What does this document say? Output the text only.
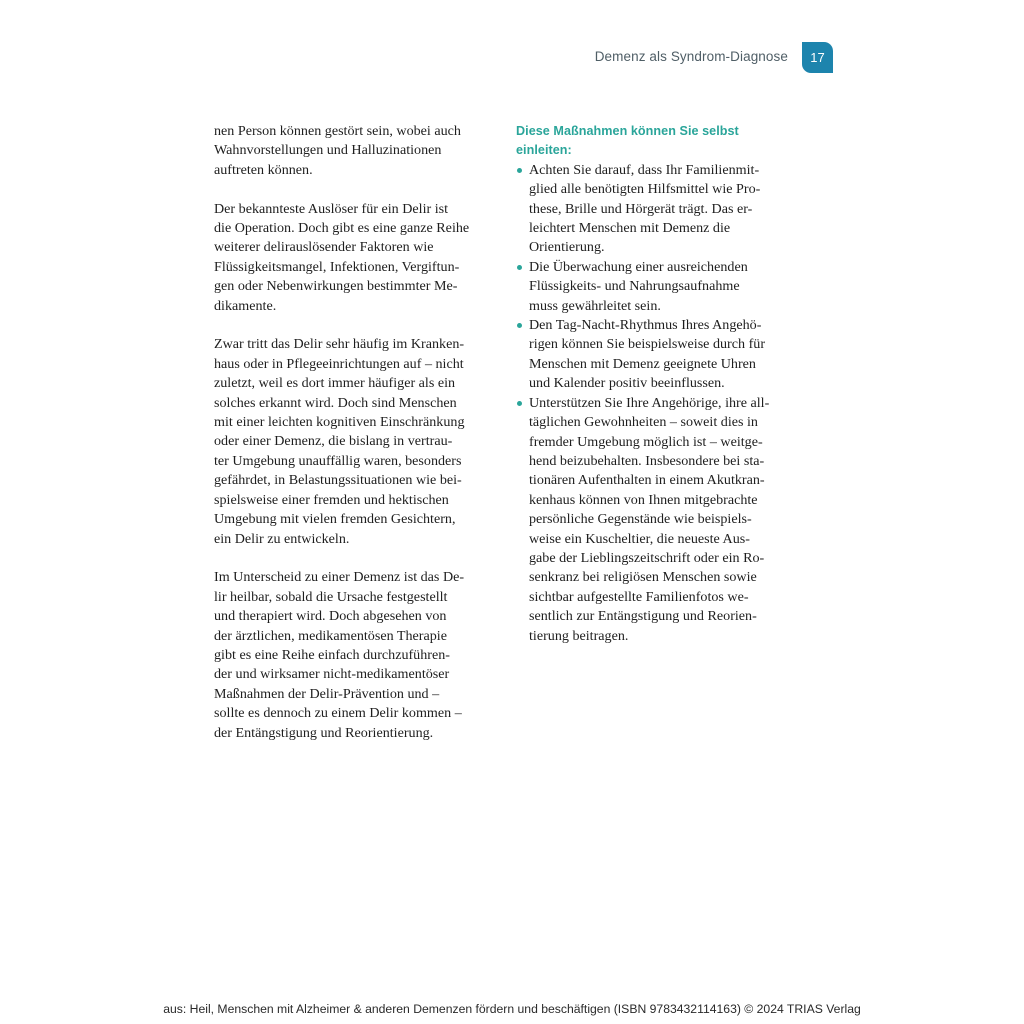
Demenz als Syndrom-Diagnose	17

nen Person können gestört sein, wobei auch
Wahnvorstellungen und Halluzinationen
auftreten können.

Der bekannteste Auslöser für ein Delir ist
die Operation. Doch gibt es eine ganze Reihe
weiterer delirauslösender Faktoren wie
Flüssigkeitsmangel, Infektionen, Vergiftun-
gen oder Nebenwirkungen bestimmter Me-
dikamente.

Zwar tritt das Delir sehr häufig im Kranken-
haus oder in Pflegeeinrichtungen auf – nicht
zuletzt, weil es dort immer häufiger als ein
solches erkannt wird. Doch sind Menschen
mit einer leichten kognitiven Einschränkung
oder einer Demenz, die bislang in vertrau-
ter Umgebung unauffällig waren, besonders
gefährdet, in Belastungssituationen wie bei-
spielsweise einer fremden und hektischen
Umgebung mit vielen fremden Gesichtern,
ein Delir zu entwickeln.

Im Unterscheid zu einer Demenz ist das De-
lir heilbar, sobald die Ursache festgestellt
und therapiert wird. Doch abgesehen von
der ärztlichen, medikamentösen Therapie
gibt es eine Reihe einfach durchzuführen-
der und wirksamer nicht-medikamentöser
Maßnahmen der Delir-Prävention und –
sollte es dennoch zu einem Delir kommen –
der Entängstigung und Reorientierung.

Diese Maßnahmen können Sie selbst
einleiten:
Achten Sie darauf, dass Ihr Familienmit-
glied alle benötigten Hilfsmittel wie Pro-
these, Brille und Hörgerät trägt. Das er-
leichtert Menschen mit Demenz die
Orientierung.
Die Überwachung einer ausreichenden
Flüssigkeits- und Nahrungsaufnahme
muss gewährleitet sein.
Den Tag-Nacht-Rhythmus Ihres Angehö-
rigen können Sie beispielsweise durch für
Menschen mit Demenz geeignete Uhren
und Kalender positiv beeinflussen.
Unterstützen Sie Ihre Angehörige, ihre all-
täglichen Gewohnheiten – soweit dies in
fremder Umgebung möglich ist – weitge-
hend beizubehalten. Insbesondere bei sta-
tionären Aufenthalten in einem Akutkran-
kenhaus können von Ihnen mitgebrachte
persönliche Gegenstände wie beispiels-
weise ein Kuscheltier, die neueste Aus-
gabe der Lieblingszeitschrift oder ein Ro-
senkranz bei religiösen Menschen sowie
sichtbar aufgestellte Familienfotos we-
sentlich zur Entängstigung und Reorien-
tierung beitragen.
aus: Heil, Menschen mit Alzheimer & anderen Demenzen fördern und beschäftigen (ISBN 9783432114163) © 2024 TRIAS Verlag
